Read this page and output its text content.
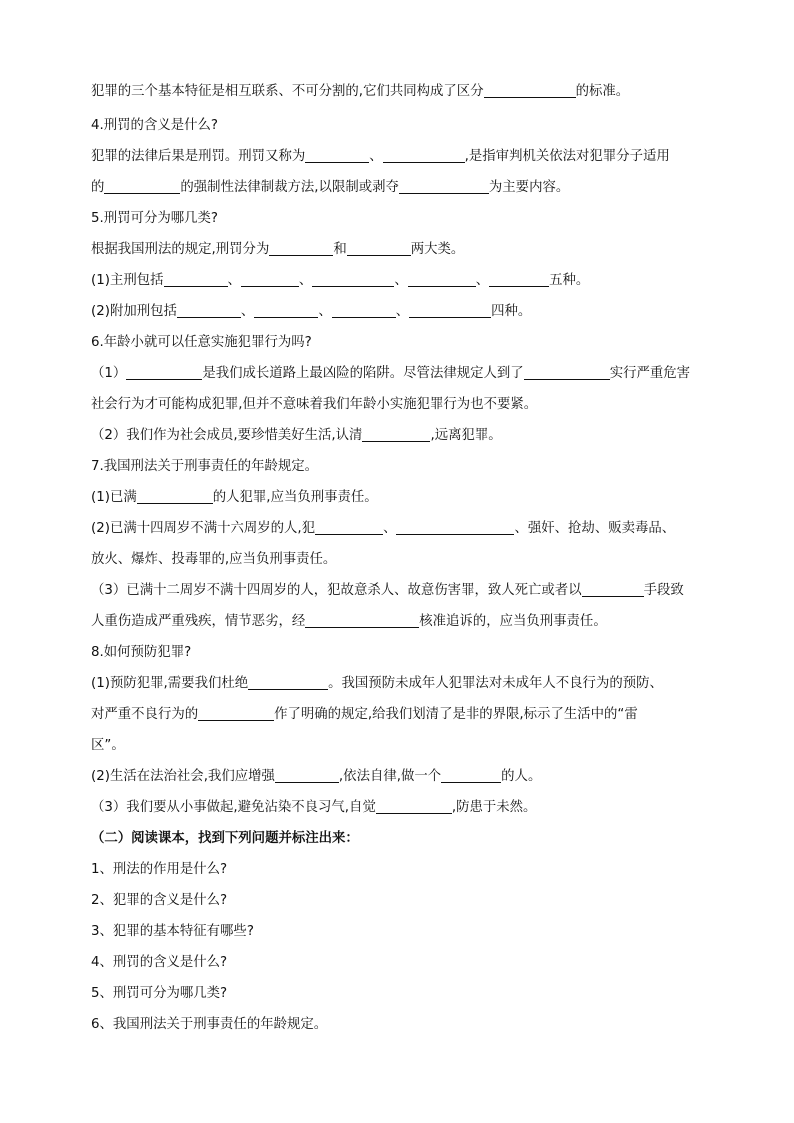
犯罪的三个基本特征是相互联系、不可分割的,它们共同构成了区分	的标准。
4.刑罚的含义是什么?
犯罪的法律后果是刑罚。刑罚又称为	、	,是指审判机关依法对犯罪分子适用
的	的强制性法律制裁方法,以限制或剥夺	为主要内容。
5.刑罚可分为哪几类?
根据我国刑法的规定,刑罚分为	和	两大类。
(1)主刑包括	、	、	、	、	五种。
(2)附加刑包括	、	、	、	四种。
6.年龄小就可以任意实施犯罪行为吗?
（1）	是我们成长道路上最凶险的陷阱。尽管法律规定人到了	实行严重危害
社会行为才可能构成犯罪,但并不意味着我们年龄小实施犯罪行为也不要紧。
（2）我们作为社会成员,要珍惜美好生活,认清	,远离犯罪。
7.我国刑法关于刑事责任的年龄规定。
(1)已满	的人犯罪,应当负刑事责任。
(2)已满十四周岁不满十六周岁的人,犯	、	、强奸、抢劫、贩卖毒品、
放火、爆炸、投毒罪的,应当负刑事责任。
（3）已满十二周岁不满十四周岁的人，犯故意杀人、故意伤害罪，致人死亡或者以	手段致
人重伤造成严重残疾，情节恶劣，经	核准追诉的，应当负刑事责任。
8.如何预防犯罪?
(1)预防犯罪,需要我们杜绝	。我国预防未成年人犯罪法对未成年人不良行为的预防、
对严重不良行为的	作了明确的规定,给我们划清了是非的界限,标示了生活中的“雷
区”。
(2)生活在法治社会,我们应增强	,依法自律,做一个	的人。
（3）我们要从小事做起,避免沾染不良习气,自觉	,防患于未然。
（二）阅读课本，找到下列问题并标注出来：
1、刑法的作用是什么?
2、犯罪的含义是什么?
3、犯罪的基本特征有哪些?
4、刑罚的含义是什么?
5、刑罚可分为哪几类?
6、我国刑法关于刑事责任的年龄规定。
